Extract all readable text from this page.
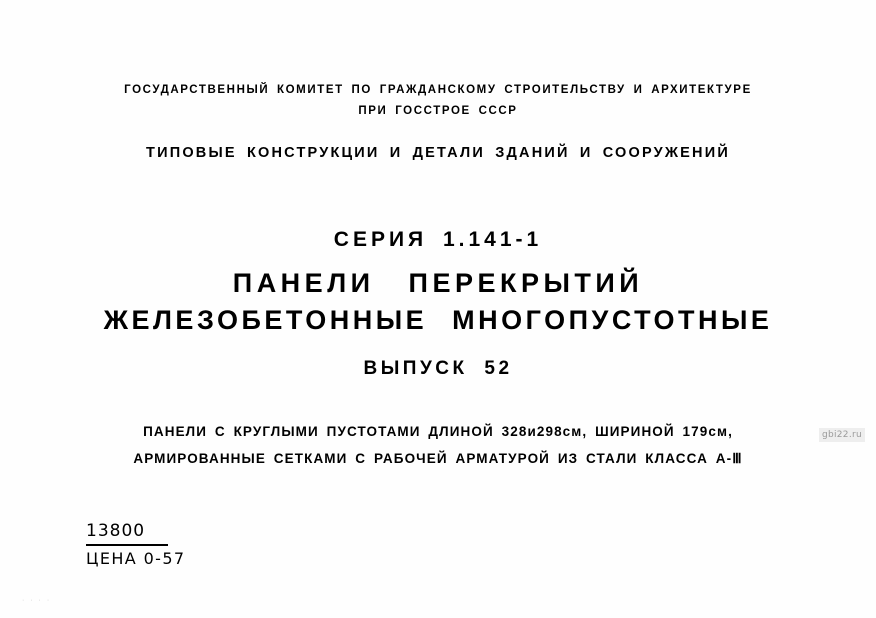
ГОСУДАРСТВЕННЫЙ КОМИТЕТ ПО ГРАЖДАНСКОМУ СТРОИТЕЛЬСТВУ И АРХИТЕКТУРЕ
ПРИ ГОССТРОЕ СССР
ТИПОВЫЕ КОНСТРУКЦИИ И ДЕТАЛИ ЗДАНИЙ И СООРУЖЕНИЙ
СЕРИЯ 1.141-1
ПАНЕЛИ ПЕРЕКРЫТИЙ
ЖЕЛЕЗОБЕТОННЫЕ МНОГОПУСТОТНЫЕ
ВЫПУСК 52
ПАНЕЛИ С КРУГЛЫМИ ПУСТОТАМИ ДЛИНОЙ 328и298см, ШИРИНОЙ 179см,
АРМИРОВАННЫЕ СЕТКАМИ С РАБОЧЕЙ АРМАТУРОЙ ИЗ СТАЛИ КЛАССА А-Ⅲ
13800
ЦЕНА 0-57
gbi22.ru
· · · ·
